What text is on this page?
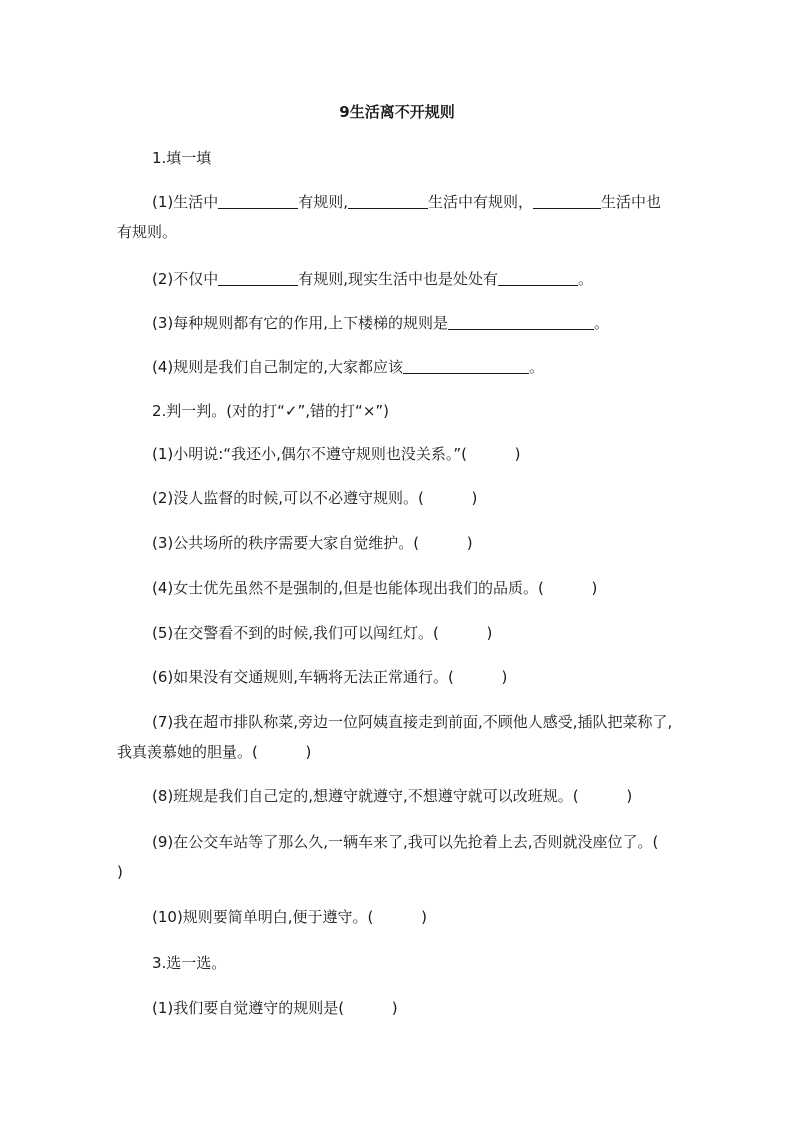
9生活离不开规则
1.填一填
(1)生活中	有规则,	生活中有规则，	生活中也有规则。
(2)不仅中	有规则,现实生活中也是处处有	。
(3)每种规则都有它的作用,上下楼梯的规则是	。
(4)规则是我们自己制定的,大家都应该	。
2.判一判。(对的打“✓”,错的打“×”)
(1)小明说:“我还小,偶尔不遵守规则也没关系。”(          )
(2)没人监督的时候,可以不必遵守规则。(          )
(3)公共场所的秩序需要大家自觉维护。(          )
(4)女士优先虽然不是强制的,但是也能体现出我们的品质。(          )
(5)在交警看不到的时候,我们可以闯红灯。(          )
(6)如果没有交通规则,车辆将无法正常通行。(          )
(7)我在超市排队称菜,旁边一位阿姨直接走到前面,不顾他人感受,插队把菜称了,我真羡慕她的胆量。(          )
(8)班规是我们自己定的,想遵守就遵守,不想遵守就可以改班规。(          )
(9)在公交车站等了那么久,一辆车来了,我可以先抢着上去,否则就没座位了。(          )
(10)规则要简单明白,便于遵守。(          )
3.选一选。
(1)我们要自觉遵守的规则是(          )
